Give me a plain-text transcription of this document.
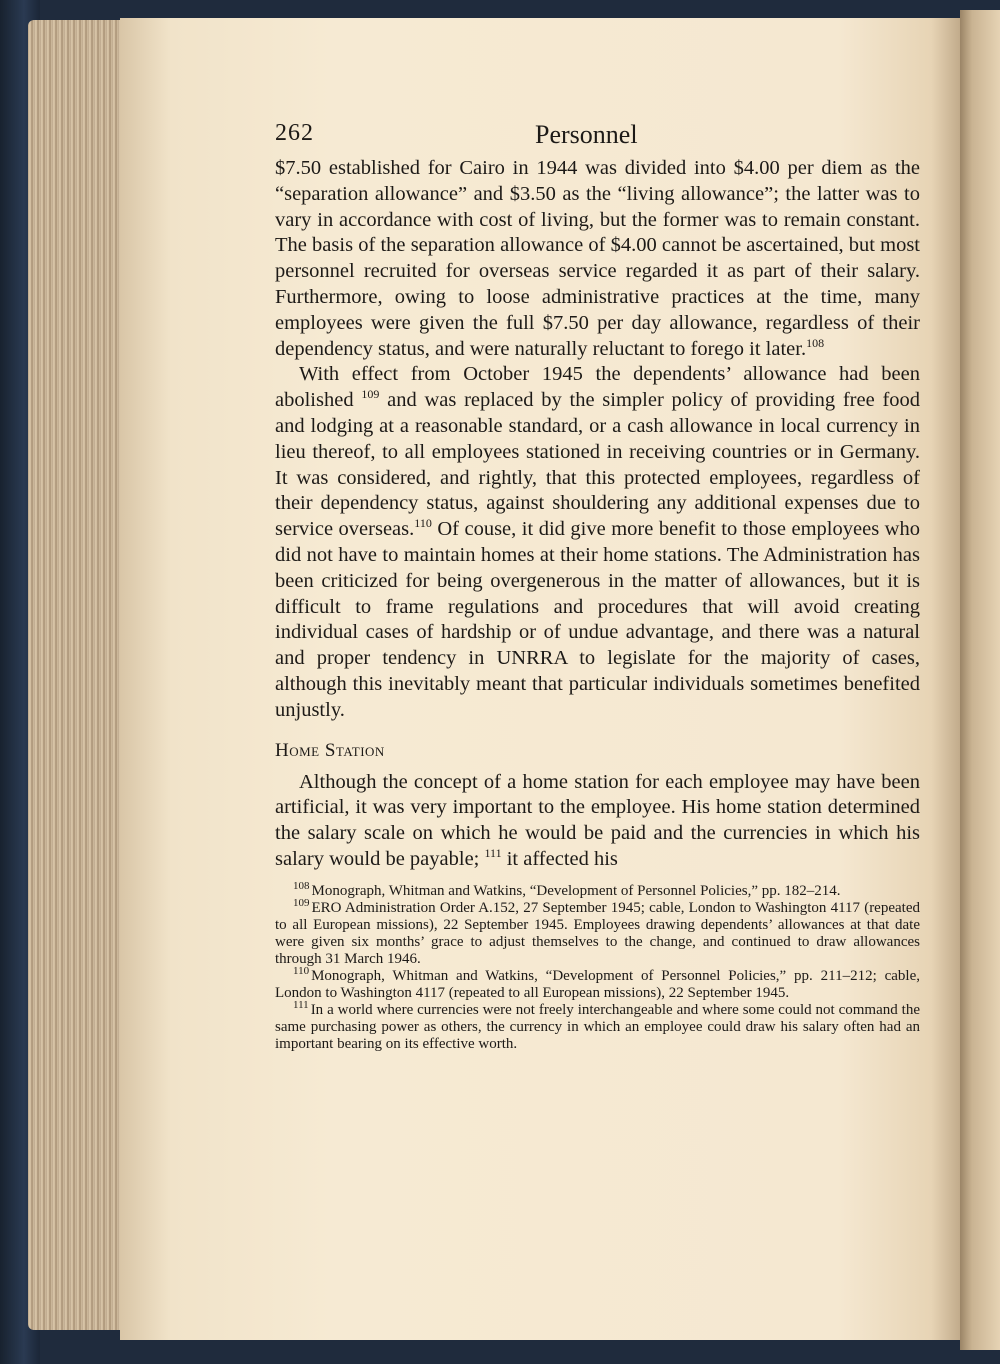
262	Personnel

$7.50 established for Cairo in 1944 was divided into $4.00 per diem as the “separation allowance” and $3.50 as the “living allowance”; the latter was to vary in accordance with cost of living, but the former was to remain constant. The basis of the separation allowance of $4.00 cannot be ascertained, but most personnel recruited for overseas service regarded it as part of their salary. Furthermore, owing to loose administrative practices at the time, many employees were given the full $7.50 per day allowance, regardless of their dependency status, and were naturally reluctant to forego it later.$^{108}$

With effect from October 1945 the dependents’ allowance had been abolished $^{109}$ and was replaced by the simpler policy of providing free food and lodging at a reasonable standard, or a cash allowance in local currency in lieu thereof, to all employees stationed in receiving countries or in Germany. It was considered, and rightly, that this protected employees, regardless of their dependency status, against shouldering any additional expenses due to service overseas.$^{110}$ Of couse, it did give more benefit to those employees who did not have to maintain homes at their home stations. The Administration has been criticized for being overgenerous in the matter of allowances, but it is difficult to frame regulations and procedures that will avoid creating individual cases of hardship or of undue advantage, and there was a natural and proper tendency in UNRRA to legislate for the majority of cases, although this inevitably meant that particular individuals sometimes benefited unjustly.

Home Station

Although the concept of a home station for each employee may have been artificial, it was very important to the employee. His home station determined the salary scale on which he would be paid and the currencies in which his salary would be payable; $^{111}$ it affected his

$^{108}$ Monograph, Whitman and Watkins, “Development of Personnel Policies,” pp. 182–214.

$^{109}$ ERO Administration Order A.152, 27 September 1945; cable, London to Washington 4117 (repeated to all European missions), 22 September 1945. Employees drawing dependents’ allowances at that date were given six months’ grace to adjust themselves to the change, and continued to draw allowances through 31 March 1946.

$^{110}$ Monograph, Whitman and Watkins, “Development of Personnel Policies,” pp. 211–212; cable, London to Washington 4117 (repeated to all European missions), 22 September 1945.

$^{111}$ In a world where currencies were not freely interchangeable and where some could not command the same purchasing power as others, the currency in which an employee could draw his salary often had an important bearing on its effective worth.
